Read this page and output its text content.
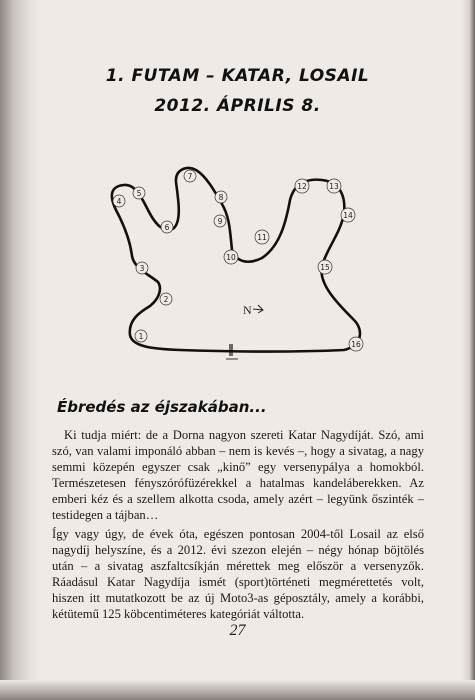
1. FUTAM – KATAR, LOSAIL
2012. ÁPRILIS 8.
1
2
3
4
5
6
7
8
9
10
11
12	13
14
15
16
N
Ébredés az éjszakában...
Ki tudja miért: de a Dorna nagyon szereti Katar Nagydíját. Szó, ami szó, van valami imponáló abban – nem is kevés –, hogy a sivatag, a nagy semmi közepén egyszer csak „kinő” egy versenypálya a homokból. Természetesen fényszórófüzérekkel a hatalmas kandeláberekken. Az emberi kéz és a szellem alkotta csoda, amely azért – legyünk őszinték – testidegen a tájban…
Így vagy úgy, de évek óta, egészen pontosan 2004-től Losail az első nagydíj helyszíne, és a 2012. évi szezon elején – négy hónap böjtölés után – a sivatag aszfaltcsíkján mérettek meg először a versenyzők. Ráadásul Katar Nagydíja ismét (sport)történeti megmérettetés volt, hiszen itt mutatkozott be az új Moto3-as géposztály, amely a korábbi, kétütemű 125 köbcentiméteres kategóriát váltotta.
27
